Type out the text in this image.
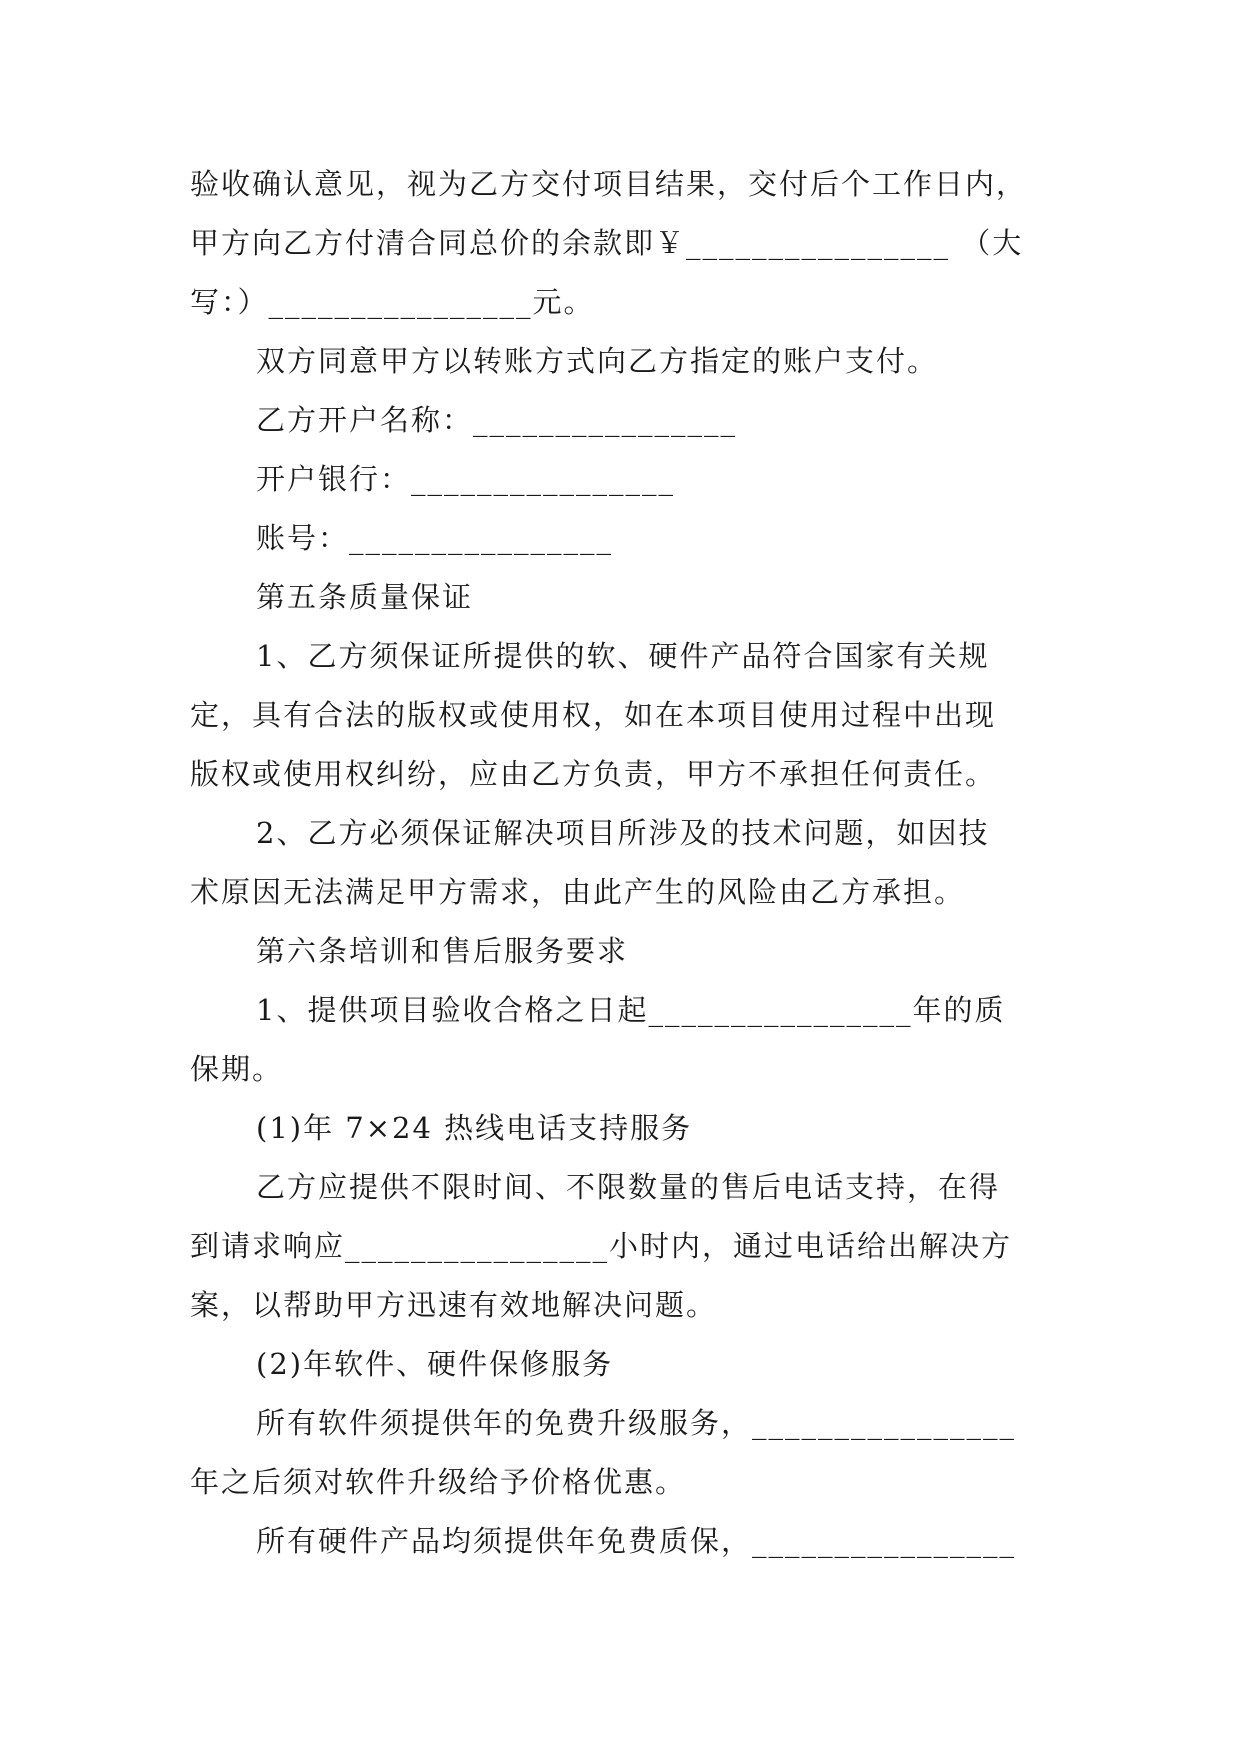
验收确认意见，视为乙方交付项目结果，交付后个工作日内，
甲方向乙方付清合同总价的余款即￥________________ （大
写：）________________元。
双方同意甲方以转账方式向乙方指定的账户支付。
乙方开户名称：________________
开户银行：________________
账号：________________
第五条质量保证
1、乙方须保证所提供的软、硬件产品符合国家有关规
定，具有合法的版权或使用权，如在本项目使用过程中出现
版权或使用权纠纷，应由乙方负责，甲方不承担任何责任。
2、乙方必须保证解决项目所涉及的技术问题，如因技
术原因无法满足甲方需求，由此产生的风险由乙方承担。
第六条培训和售后服务要求
1、提供项目验收合格之日起________________年的质
保期。
(1)年 7×24 热线电话支持服务
乙方应提供不限时间、不限数量的售后电话支持，在得
到请求响应________________小时内，通过电话给出解决方
案，以帮助甲方迅速有效地解决问题。
(2)年软件、硬件保修服务
所有软件须提供年的免费升级服务，________________
年之后须对软件升级给予价格优惠。
所有硬件产品均须提供年免费质保，________________
